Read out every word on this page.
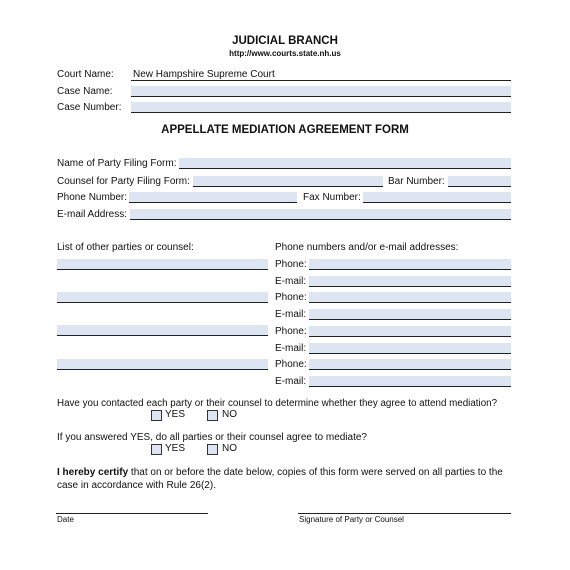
JUDICIAL BRANCH
http://www.courts.state.nh.us
Court Name: New Hampshire Supreme Court
Case Name:
Case Number:
APPELLATE MEDIATION AGREEMENT FORM
Name of Party Filing Form:
Counsel for Party Filing Form:	Bar Number:
Phone Number:	Fax Number:
E-mail Address:
List of other parties or counsel:	Phone numbers and/or e-mail addresses:
Phone:
E-mail:
Phone:
E-mail:
Phone:
E-mail:
Phone:
E-mail:
Have you contacted each party or their counsel to determine whether they agree to attend mediation?
YES	NO
If you answered YES, do all parties or their counsel agree to mediate?
YES	NO
I hereby certify that on or before the date below, copies of this form were served on all parties to the
case in accordance with Rule 26(2).
Date	Signature of Party or Counsel
